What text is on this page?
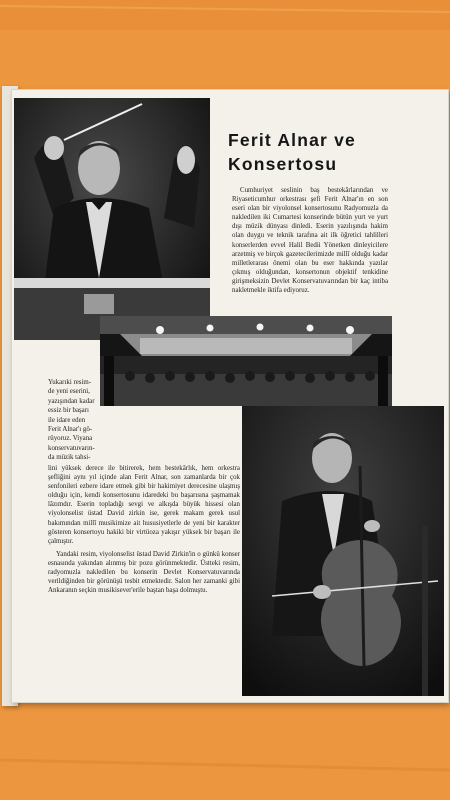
Ferit Alnar ve
Konsertosu

Cumhuriyet seslinin baş bestekârlarından ve Riyaseticumhur orkestrası şefi Ferit Alnar'ın en son eseri olan bir viyolonsel konsertosunu Radyomuzla da nakledilen iki Cumartesi konserinde bütün yurt ve yurt dışı müzik dünyası dinledi. Eserin yazılışında hakim olan duygu ve teknik tarafına ait ilk öğretici tahlilleri konserlerden evvel Halil Bedii Yönetken dinleyicilere arzetmiş ve birçok gazetecilerimizde millî olduğu kadar milletlerarası önemi olan bu eser hakkında yazılar çıkmış olduğundan, konsertonun objektif tenkidine girişmeksizin Devlet Konservatuvarından bir kaç intiba nakletmekle iktifa ediyoruz.

Yukarıki resim-
de yeni eserini,
yazışından kadar
essiz bir başarı
ile idare eden
Ferit Alnar'ı gö-
rüyoruz. Viyana
konservatuvarın-
da müzik tahsi-

lini yüksek derece ile bitirerek, hem bestekârlık, hem orkestra şefliğini aynı yıl içinde alan Ferit Alnar, son zamanlarda bir çok senfonileri ezbere idare etmek gibi bir hakimiyet derecesine ulaşmış olduğu için, kendi konsertosunu idaredeki bu başarısına şaşmamak lâzımdır. Eserin topladığı sevgi ve alkışda büyük hissesi olan viyolonselist üstad David zirkin ise, gerek makam gerek usul bakımından millî musikimize ait hususiyetlerle de yeni bir karakter gösteren konsertoyu hakiki bir virtüoza yakışır yüksek bir başarı ile çalmıştır.

Yandaki resim, viyolonselist üstad David Zirkin'in o günkü konser esnasında yakından alınmış bir pozu görünmektedir. Üstteki resim, radyomuzla nakledilen bu konserin Devlet Konservatuvarında verildiğinden bir görünüşü tesbit etmektedir. Salon her zamanki gibi Ankaranın seçkin musikisever'erile baştan başa dolmuştu.
